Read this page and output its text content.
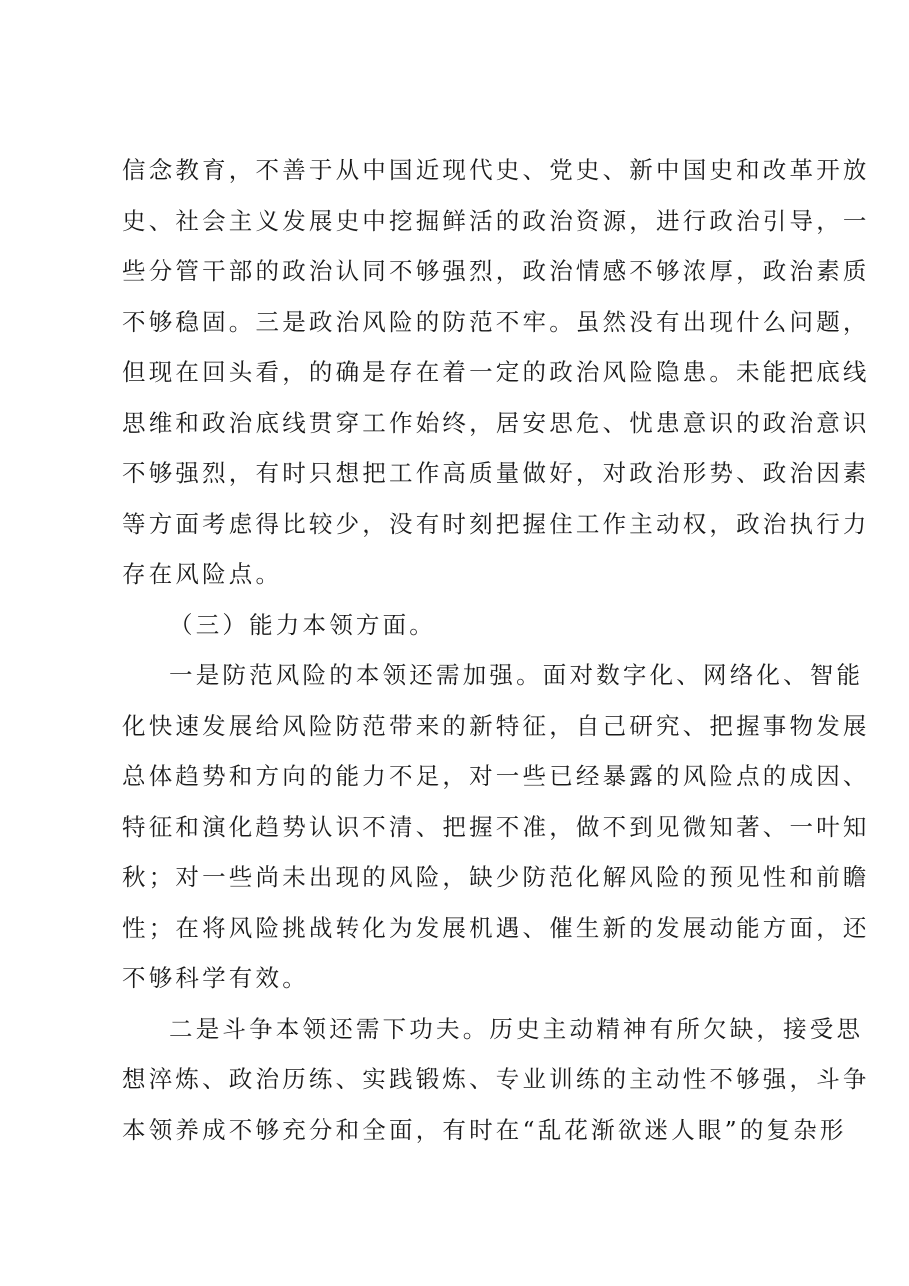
信念教育，不善于从中国近现代史、党史、新中国史和改革开放
史、社会主义发展史中挖掘鲜活的政治资源，进行政治引导，一
些分管干部的政治认同不够强烈，政治情感不够浓厚，政治素质
不够稳固。三是政治风险的防范不牢。虽然没有出现什么问题，
但现在回头看，的确是存在着一定的政治风险隐患。未能把底线
思维和政治底线贯穿工作始终，居安思危、忧患意识的政治意识
不够强烈，有时只想把工作高质量做好，对政治形势、政治因素
等方面考虑得比较少，没有时刻把握住工作主动权，政治执行力
存在风险点。
（三）能力本领方面。
一是防范风险的本领还需加强。面对数字化、网络化、智能
化快速发展给风险防范带来的新特征，自己研究、把握事物发展
总体趋势和方向的能力不足，对一些已经暴露的风险点的成因、
特征和演化趋势认识不清、把握不准，做不到见微知著、一叶知
秋；对一些尚未出现的风险，缺少防范化解风险的预见性和前瞻
性；在将风险挑战转化为发展机遇、催生新的发展动能方面，还
不够科学有效。
二是斗争本领还需下功夫。历史主动精神有所欠缺，接受思
想淬炼、政治历练、实践锻炼、专业训练的主动性不够强，斗争
本领养成不够充分和全面，有时在“乱花渐欲迷人眼”的复杂形
